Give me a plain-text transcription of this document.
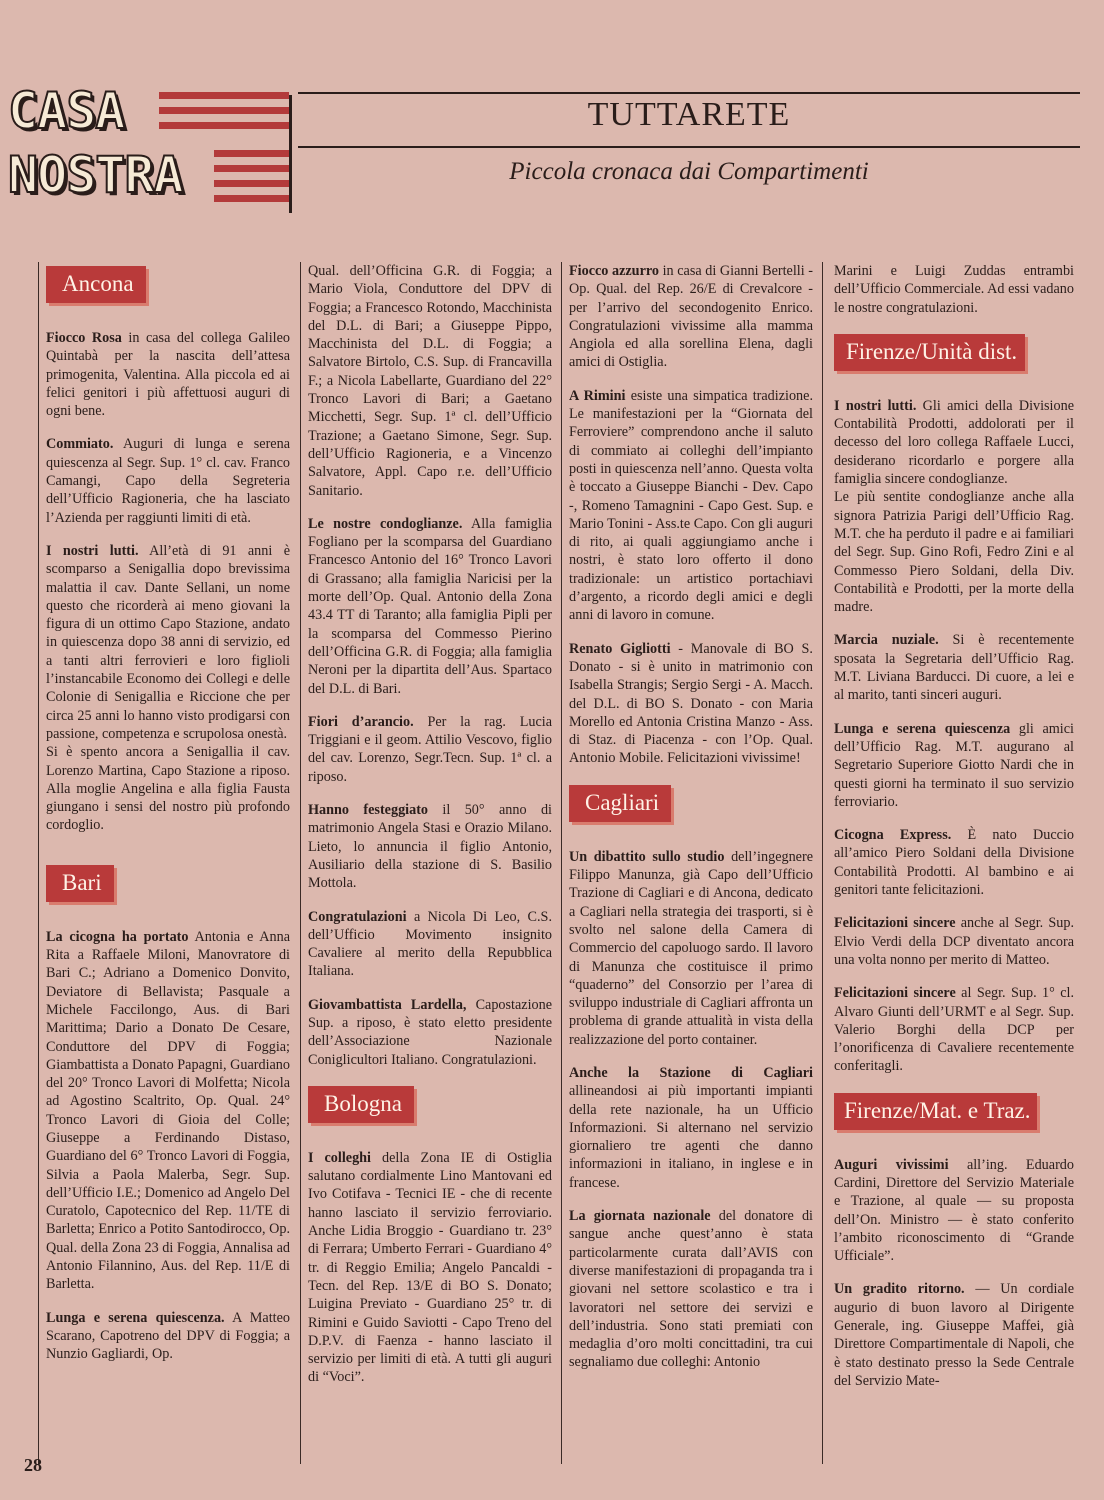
CASA
NOSTRA
TUTTARETE
Piccola cronaca dai Compartimenti
Ancona

Fiocco Rosa in casa del collega Galileo Quintabà per la nascita dell’attesa primogenita, Valentina. Alla piccola ed ai felici genitori i più affettuosi auguri di ogni bene.

Commiato. Auguri di lunga e serena quiescenza al Segr. Sup. 1° cl. cav. Franco Camangi, Capo della Segreteria dell’Ufficio Ragioneria, che ha lasciato l’Azienda per raggiunti limiti di età.

I nostri lutti. All’età di 91 anni è scomparso a Senigallia dopo brevissima malattia il cav. Dante Sellani, un nome questo che ricorderà ai meno giovani la figura di un ottimo Capo Stazione, andato in quiescenza dopo 38 anni di servizio, ed a tanti altri ferrovieri e loro figlioli l’instancabile Economo dei Collegi e delle Colonie di Senigallia e Riccione che per circa 25 anni lo hanno visto prodigarsi con passione, competenza e scrupolosa onestà.

Si è spento ancora a Senigallia il cav. Lorenzo Martina, Capo Stazione a riposo. Alla moglie Angelina e alla figlia Fausta giungano i sensi del nostro più profondo cordoglio.

Bari

La cicogna ha portato Antonia e Anna Rita a Raffaele Miloni, Manovratore di Bari C.; Adriano a Domenico Donvito, Deviatore di Bellavista; Pasquale a Michele Faccilongo, Aus. di Bari Marittima; Dario a Donato De Cesare, Conduttore del DPV di Foggia; Giambattista a Donato Papagni, Guardiano del 20° Tronco Lavori di Molfetta; Nicola ad Agostino Scaltrito, Op. Qual. 24° Tronco Lavori di Gioia del Colle; Giuseppe a Ferdinando Distaso, Guardiano del 6° Tronco Lavori di Foggia, Silvia a Paola Malerba, Segr. Sup. dell’Ufficio I.E.; Domenico ad Angelo Del Curatolo, Capotecnico del Rep. 11/TE di Barletta; Enrico a Potito Santodirocco, Op. Qual. della Zona 23 di Foggia, Annalisa ad Antonio Filannino, Aus. del Rep. 11/E di Barletta.

Lunga e serena quiescenza. A Matteo Scarano, Capotreno del DPV di Foggia; a Nunzio Gagliardi, Op.

Qual. dell’Officina G.R. di Foggia; a Mario Viola, Conduttore del DPV di Foggia; a Francesco Rotondo, Macchinista del D.L. di Bari; a Giuseppe Pippo, Macchinista del D.L. di Foggia; a Salvatore Birtolo, C.S. Sup. di Francavilla F.; a Nicola Labellarte, Guardiano del 22° Tronco Lavori di Bari; a Gaetano Micchetti, Segr. Sup. 1ª cl. dell’Ufficio Trazione; a Gaetano Simone, Segr. Sup. dell’Ufficio Ragioneria, e a Vincenzo Salvatore, Appl. Capo r.e. dell’Ufficio Sanitario.

Le nostre condoglianze. Alla famiglia Fogliano per la scomparsa del Guardiano Francesco Antonio del 16° Tronco Lavori di Grassano; alla famiglia Naricisi per la morte dell’Op. Qual. Antonio della Zona 43.4 TT di Taranto; alla famiglia Pipli per la scomparsa del Commesso Pierino dell’Officina G.R. di Foggia; alla famiglia Neroni per la dipartita dell’Aus. Spartaco del D.L. di Bari.

Fiori d’arancio. Per la rag. Lucia Triggiani e il geom. Attilio Vescovo, figlio del cav. Lorenzo, Segr.Tecn. Sup. 1ª cl. a riposo.

Hanno festeggiato il 50° anno di matrimonio Angela Stasi e Orazio Milano. Lieto, lo annuncia il figlio Antonio, Ausiliario della stazione di S. Basilio Mottola.

Congratulazioni a Nicola Di Leo, C.S. dell’Ufficio Movimento insignito Cavaliere al merito della Repubblica Italiana.

Giovambattista Lardella, Capostazione Sup. a riposo, è stato eletto presidente dell’Associazione Nazionale Coniglicultori Italiano. Congratulazioni.

Bologna

I colleghi della Zona IE di Ostiglia salutano cordialmente Lino Mantovani ed Ivo Cotifava - Tecnici IE - che di recente hanno lasciato il servizio ferroviario. Anche Lidia Broggio - Guardiano tr. 23° di Ferrara; Umberto Ferrari - Guardiano 4° tr. di Reggio Emilia; Angelo Pancaldi - Tecn. del Rep. 13/E di BO S. Donato; Luigina Previato - Guardiano 25° tr. di Rimini e Guido Saviotti - Capo Treno del D.P.V. di Faenza - hanno lasciato il servizio per limiti di età. A tutti gli auguri di “Voci”.

Fiocco azzurro in casa di Gianni Bertelli - Op. Qual. del Rep. 26/E di Crevalcore - per l’arrivo del secondogenito Enrico. Congratulazioni vivissime alla mamma Angiola ed alla sorellina Elena, dagli amici di Ostiglia.

A Rimini esiste una simpatica tradizione. Le manifestazioni per la “Giornata del Ferroviere” comprendono anche il saluto di commiato ai colleghi dell’impianto posti in quiescenza nell’anno. Questa volta è toccato a Giuseppe Bianchi - Dev. Capo -, Romeno Tamagnini - Capo Gest. Sup. e Mario Tonini - Ass.te Capo. Con gli auguri di rito, ai quali aggiungiamo anche i nostri, è stato loro offerto il dono tradizionale: un artistico portachiavi d’argento, a ricordo degli amici e degli anni di lavoro in comune.

Renato Gigliotti - Manovale di BO S. Donato - si è unito in matrimonio con Isabella Strangis; Sergio Sergi - A. Macch. del D.L. di BO S. Donato - con Maria Morello ed Antonia Cristina Manzo - Ass. di Staz. di Piacenza - con l’Op. Qual. Antonio Mobile. Felicitazioni vivissime!

Cagliari

Un dibattito sullo studio dell’ingegnere Filippo Manunza, già Capo dell’Ufficio Trazione di Cagliari e di Ancona, dedicato a Cagliari nella strategia dei trasporti, si è svolto nel salone della Camera di Commercio del capoluogo sardo. Il lavoro di Manunza che costituisce il primo “quaderno” del Consorzio per l’area di sviluppo industriale di Cagliari affronta un problema di grande attualità in vista della realizzazione del porto container.

Anche la Stazione di Cagliari allineandosi ai più importanti impianti della rete nazionale, ha un Ufficio Informazioni. Si alternano nel servizio giornaliero tre agenti che danno informazioni in italiano, in inglese e in francese.

La giornata nazionale del donatore di sangue anche quest’anno è stata particolarmente curata dall’AVIS con diverse manifestazioni di propaganda tra i giovani nel settore scolastico e tra i lavoratori nel settore dei servizi e dell’industria. Sono stati premiati con medaglia d’oro molti concittadini, tra cui segnaliamo due colleghi: Antonio

Marini e Luigi Zuddas entrambi dell’Ufficio Commerciale. Ad essi vadano le nostre congratulazioni.

Firenze/Unità dist.

I nostri lutti. Gli amici della Divisione Contabilità Prodotti, addolorati per il decesso del loro collega Raffaele Lucci, desiderano ricordarlo e porgere alla famiglia sincere condoglianze.

Le più sentite condoglianze anche alla signora Patrizia Parigi dell’Ufficio Rag. M.T. che ha perduto il padre e ai familiari del Segr. Sup. Gino Rofi, Fedro Zini e al Commesso Piero Soldani, della Div. Contabilità e Prodotti, per la morte della madre.

Marcia nuziale. Si è recentemente sposata la Segretaria dell’Ufficio Rag. M.T. Liviana Barducci. Di cuore, a lei e al marito, tanti sinceri auguri.

Lunga e serena quiescenza gli amici dell’Ufficio Rag. M.T. augurano al Segretario Superiore Giotto Nardi che in questi giorni ha terminato il suo servizio ferroviario.

Cicogna Express. È nato Duccio all’amico Piero Soldani della Divisione Contabilità Prodotti. Al bambino e ai genitori tante felicitazioni.

Felicitazioni sincere anche al Segr. Sup. Elvio Verdi della DCP diventato ancora una volta nonno per merito di Matteo.

Felicitazioni sincere al Segr. Sup. 1° cl. Alvaro Giunti dell’URMT e al Segr. Sup. Valerio Borghi della DCP per l’onorificenza di Cavaliere recentemente conferitagli.

Firenze/Mat. e Traz.

Auguri vivissimi all’ing. Eduardo Cardini, Direttore del Servizio Materiale e Trazione, al quale — su proposta dell’On. Ministro — è stato conferito l’ambito riconoscimento di “Grande Ufficiale”.

Un gradito ritorno. — Un cordiale augurio di buon lavoro al Dirigente Generale, ing. Giuseppe Maffei, già Direttore Compartimentale di Napoli, che è stato destinato presso la Sede Centrale del Servizio Mate-

28
